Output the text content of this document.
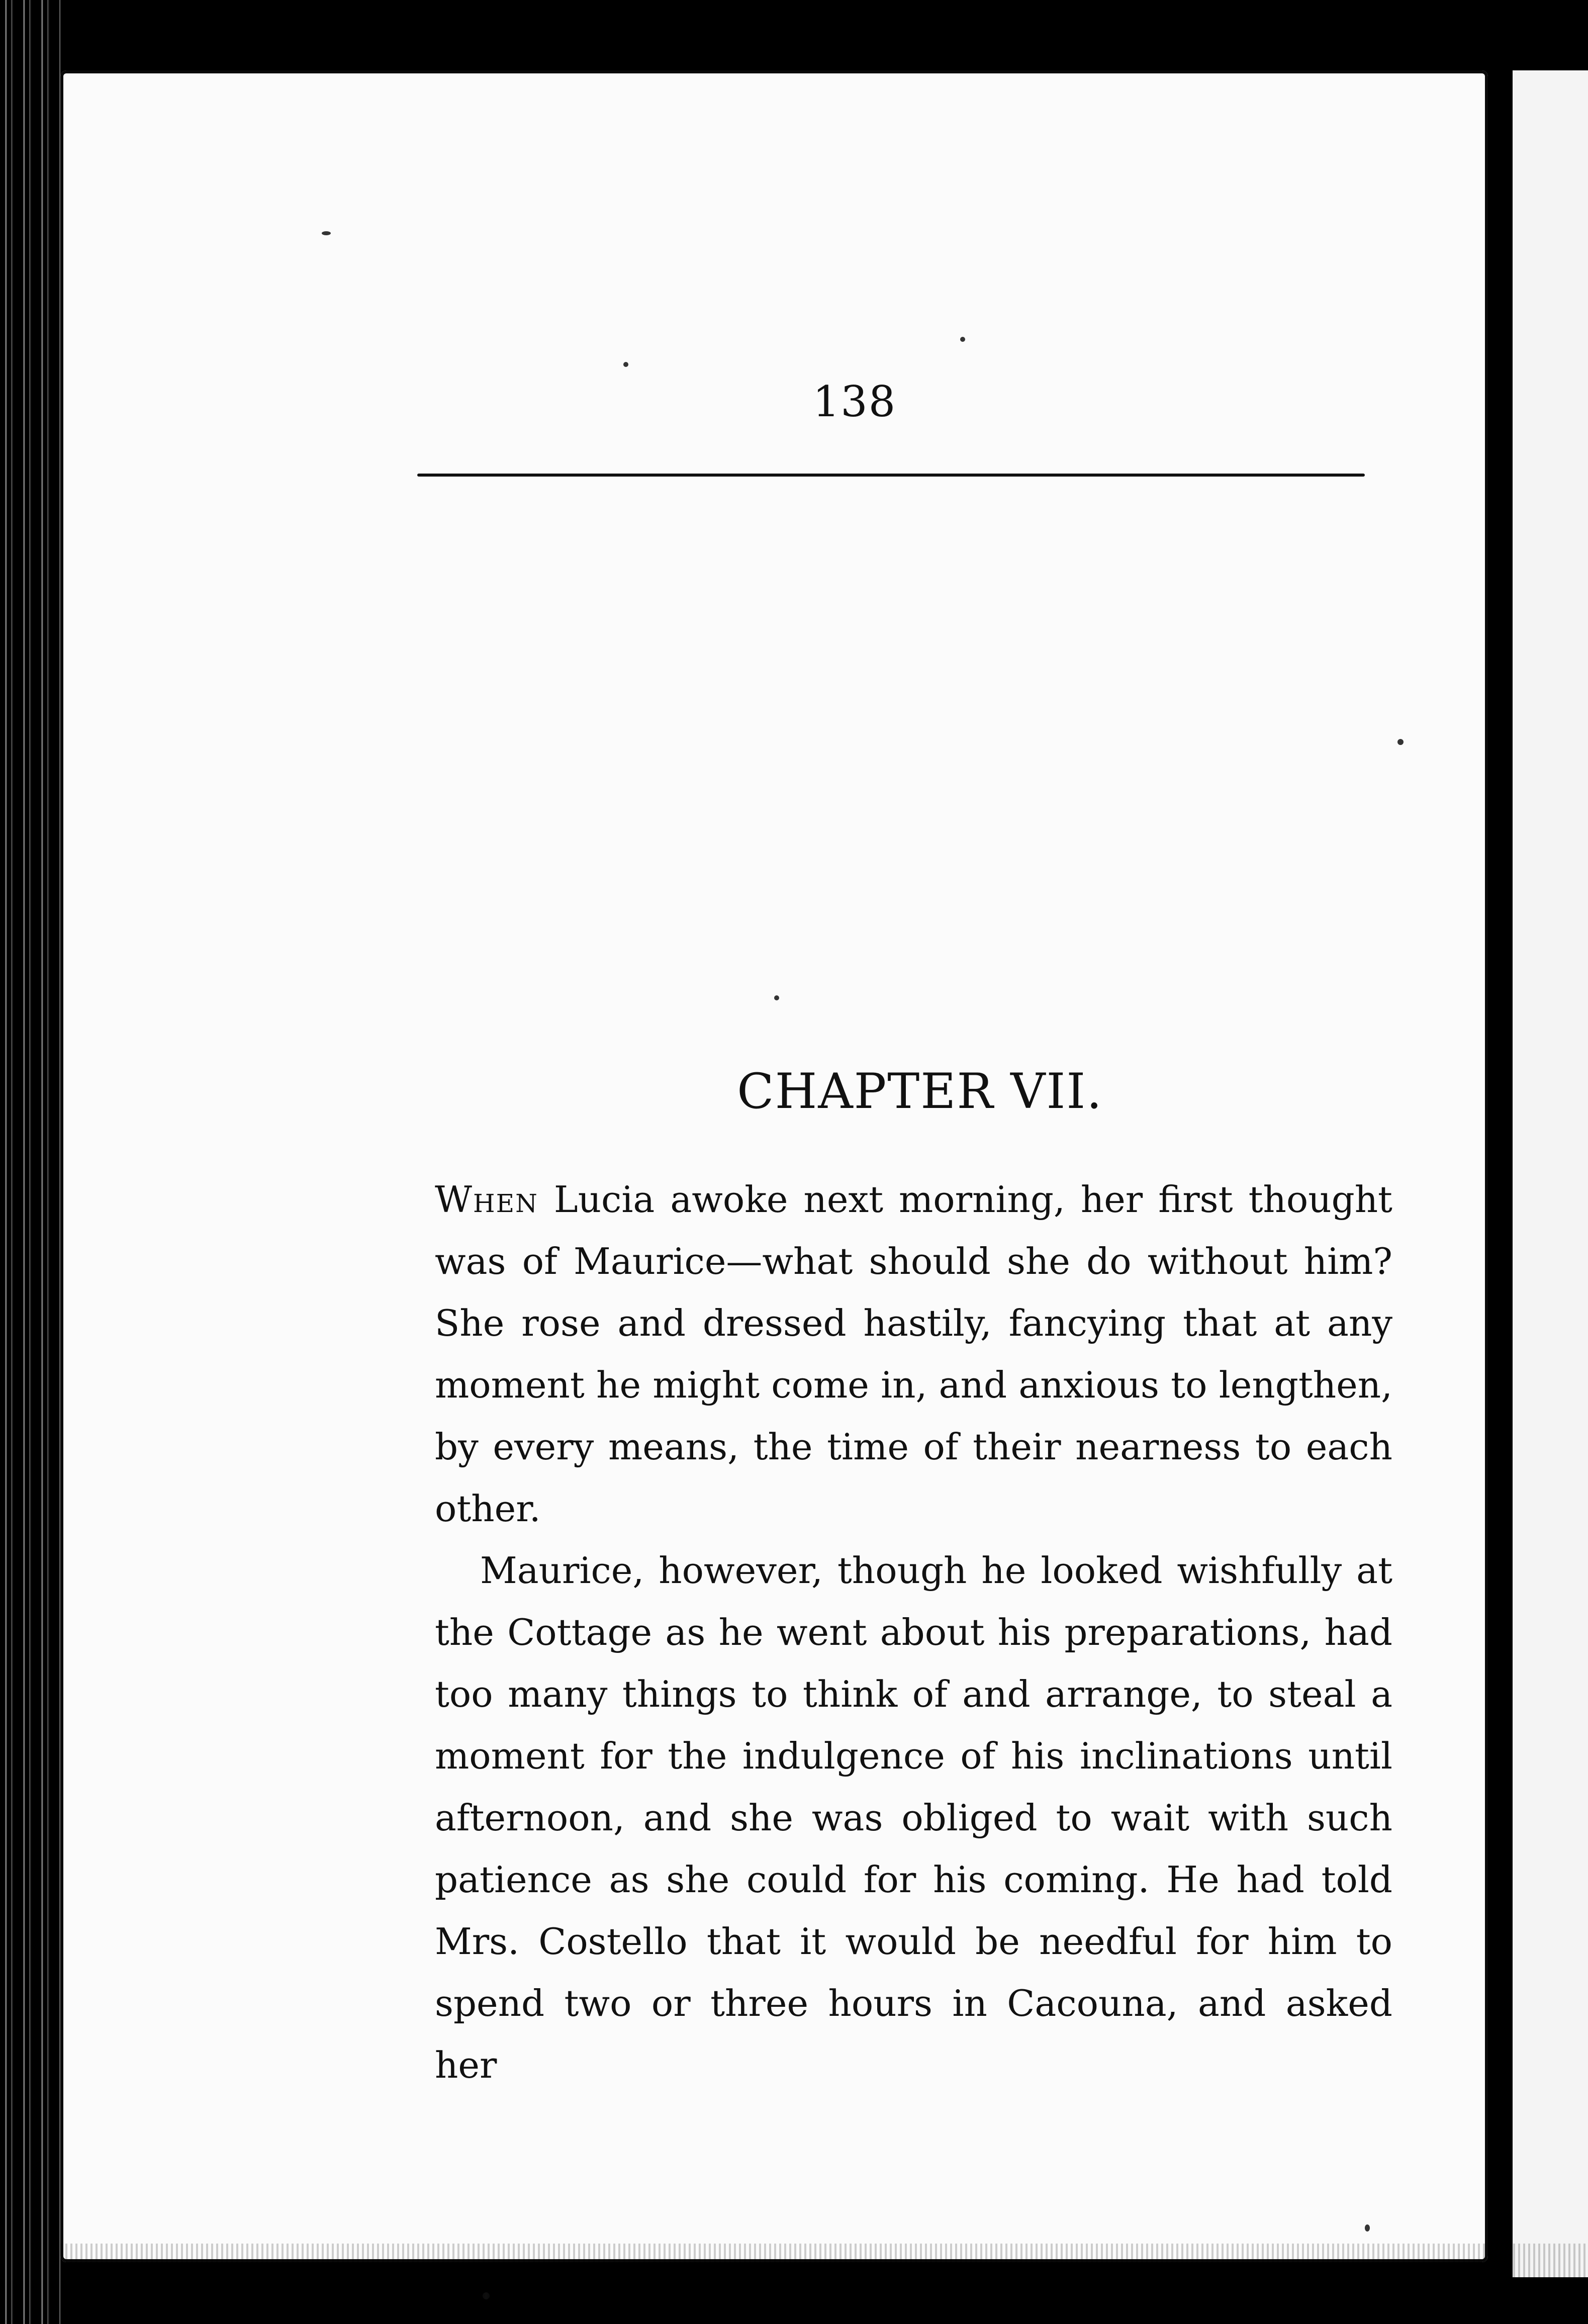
138
CHAPTER VII.

When Lucia awoke next morning, her first thought was of Maurice—what should she do without him? She rose and dressed hastily, fancying that at any moment he might come in, and anxious to lengthen, by every means, the time of their nearness to each other.

Maurice, however, though he looked wishfully at the Cottage as he went about his preparations, had too many things to think of and arrange, to steal a moment for the indulgence of his inclinations until afternoon, and she was obliged to wait with such patience as she could for his coming. He had told Mrs. Costello that it would be needful for him to spend two or three hours in Cacouna, and asked her
